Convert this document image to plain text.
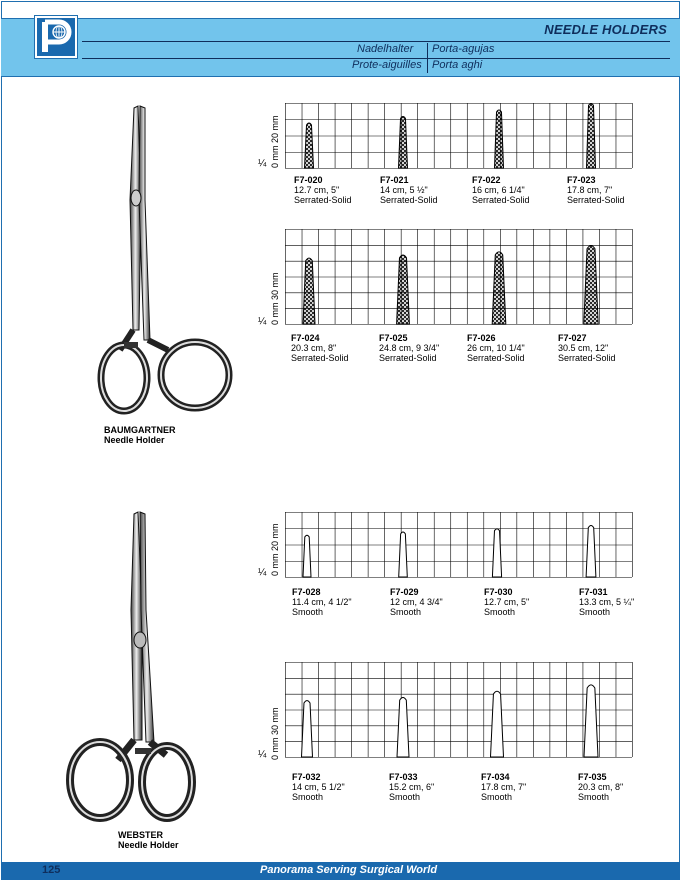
NEEDLE HOLDERS
Nadelhalter Porta-agujas
Prote-aiguilles Porta aghi
BAUMGARTNER
Needle Holder
WEBSTER
Needle Holder
0 mm 20 mm
¼
F7-020
12.7 cm, 5"
Serrated-Solid
F7-021
14 cm, 5 ½"
Serrated-Solid
F7-022
16 cm, 6 1/4"
Serrated-Solid
F7-023
17.8 cm, 7"
Serrated-Solid
0 mm 30 mm
¼
F7-024
20.3 cm, 8"
Serrated-Solid
F7-025
24.8 cm, 9 3/4"
Serrated-Solid
F7-026
26 cm, 10 1/4"
Serrated-Solid
F7-027
30.5 cm, 12"
Serrated-Solid
0 mm 20 mm
¼
F7-028
11.4 cm, 4 1/2"
Smooth
F7-029
12 cm, 4 3/4"
Smooth
F7-030
12.7 cm, 5"
Smooth
F7-031
13.3 cm, 5 ¼"
Smooth
0 mm 30 mm
¼
F7-032
14 cm, 5 1/2"
Smooth
F7-033
15.2 cm, 6"
Smooth
F7-034
17.8 cm, 7"
Smooth
F7-035
20.3 cm, 8"
Smooth
125	Panorama Serving Surgical World
